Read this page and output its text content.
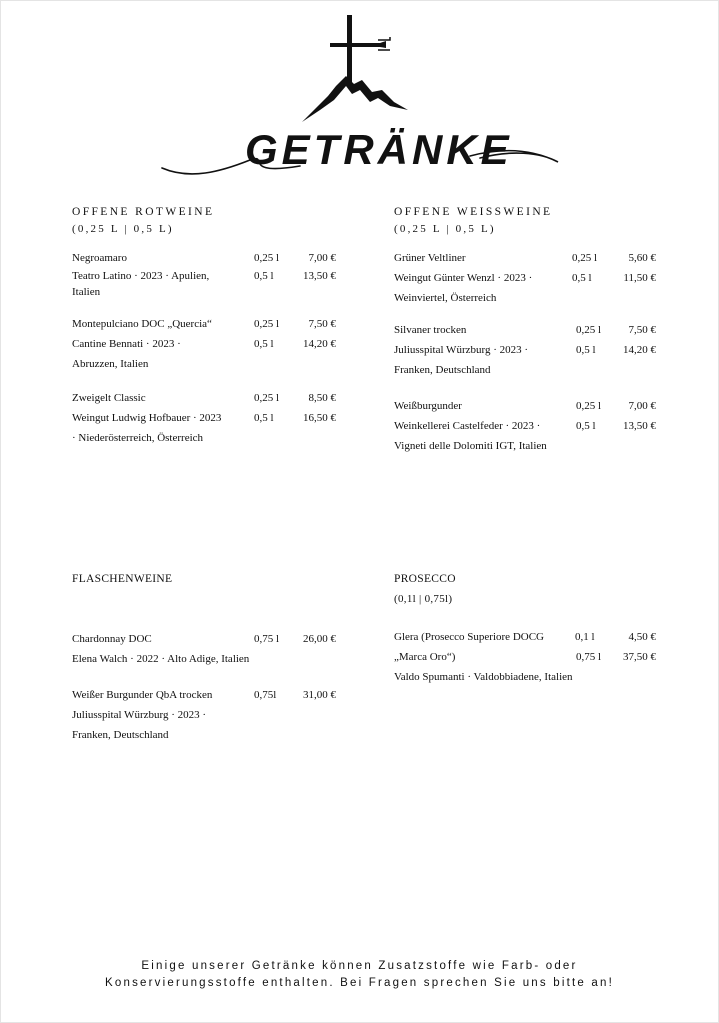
GETRÄNKE
OFFENE ROTWEINE
(0,25 L | 0,5 L)
Negroamaro	0,25 l	7,00 €
Teatro Latino · 2023 · Apulien,	0,5 l	13,50 €
Italien
Montepulciano DOC „Quercia“	0,25 l	7,50 €
Cantine Bennati · 2023 ·	0,5 l	14,20 €
Abruzzen, Italien
Zweigelt Classic	0,25 l	8,50 €
Weingut Ludwig Hofbauer · 2023	0,5 l	16,50 €
· Niederösterreich, Österreich
OFFENE WEISSWEINE
(0,25 L | 0,5 L)
Grüner Veltliner	0,25 l	5,60 €
Weingut Günter Wenzl · 2023 ·	0,5 l	11,50 €
Weinviertel, Österreich
Silvaner trocken	0,25 l	7,50 €
Juliusspital Würzburg · 2023 ·	0,5 l	14,20 €
Franken, Deutschland
Weißburgunder	0,25 l	7,00 €
Weinkellerei Castelfeder · 2023 ·	0,5 l	13,50 €
Vigneti delle Dolomiti IGT, Italien
FLASCHENWEINE
Chardonnay DOC	0,75 l	26,00 €
Elena Walch · 2022 · Alto Adige, Italien
Weißer Burgunder QbA trocken	0,75l	31,00 €
Juliusspital Würzburg · 2023 · Franken, Deutschland
PROSECCO
(0,1l | 0,75l)
Glera (Prosecco Superiore DOCG	0,1 l	4,50 €
„Marca Oro“)	0,75 l	37,50 €
Valdo Spumanti · Valdobbiadene, Italien
Einige unserer Getränke können Zusatzstoffe wie Farb- oder
Konservierungsstoffe enthalten. Bei Fragen sprechen Sie uns bitte an!
